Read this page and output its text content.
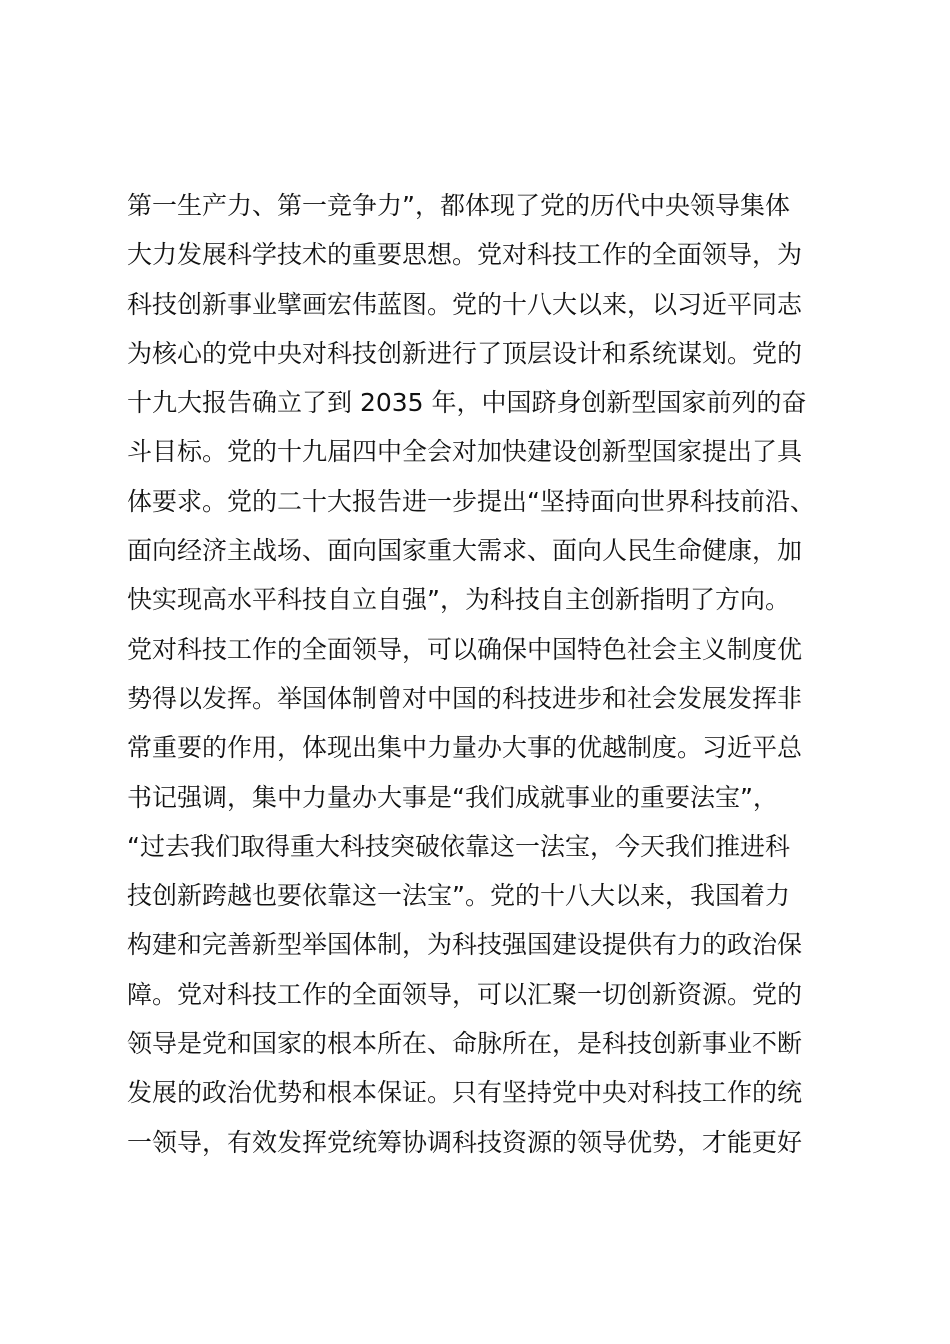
第一生产力、第一竞争力”，都体现了党的历代中央领导集体
大力发展科学技术的重要思想。党对科技工作的全面领导，为
科技创新事业擘画宏伟蓝图。党的十八大以来，以习近平同志
为核心的党中央对科技创新进行了顶层设计和系统谋划。党的
十九大报告确立了到 2035 年，中国跻身创新型国家前列的奋
斗目标。党的十九届四中全会对加快建设创新型国家提出了具
体要求。党的二十大报告进一步提出“坚持面向世界科技前沿、
面向经济主战场、面向国家重大需求、面向人民生命健康，加
快实现高水平科技自立自强”，为科技自主创新指明了方向。
党对科技工作的全面领导，可以确保中国特色社会主义制度优
势得以发挥。举国体制曾对中国的科技进步和社会发展发挥非
常重要的作用，体现出集中力量办大事的优越制度。习近平总
书记强调，集中力量办大事是“我们成就事业的重要法宝”，
“过去我们取得重大科技突破依靠这一法宝，今天我们推进科
技创新跨越也要依靠这一法宝”。党的十八大以来，我国着力
构建和完善新型举国体制，为科技强国建设提供有力的政治保
障。党对科技工作的全面领导，可以汇聚一切创新资源。党的
领导是党和国家的根本所在、命脉所在，是科技创新事业不断
发展的政治优势和根本保证。只有坚持党中央对科技工作的统
一领导，有效发挥党统筹协调科技资源的领导优势，才能更好
